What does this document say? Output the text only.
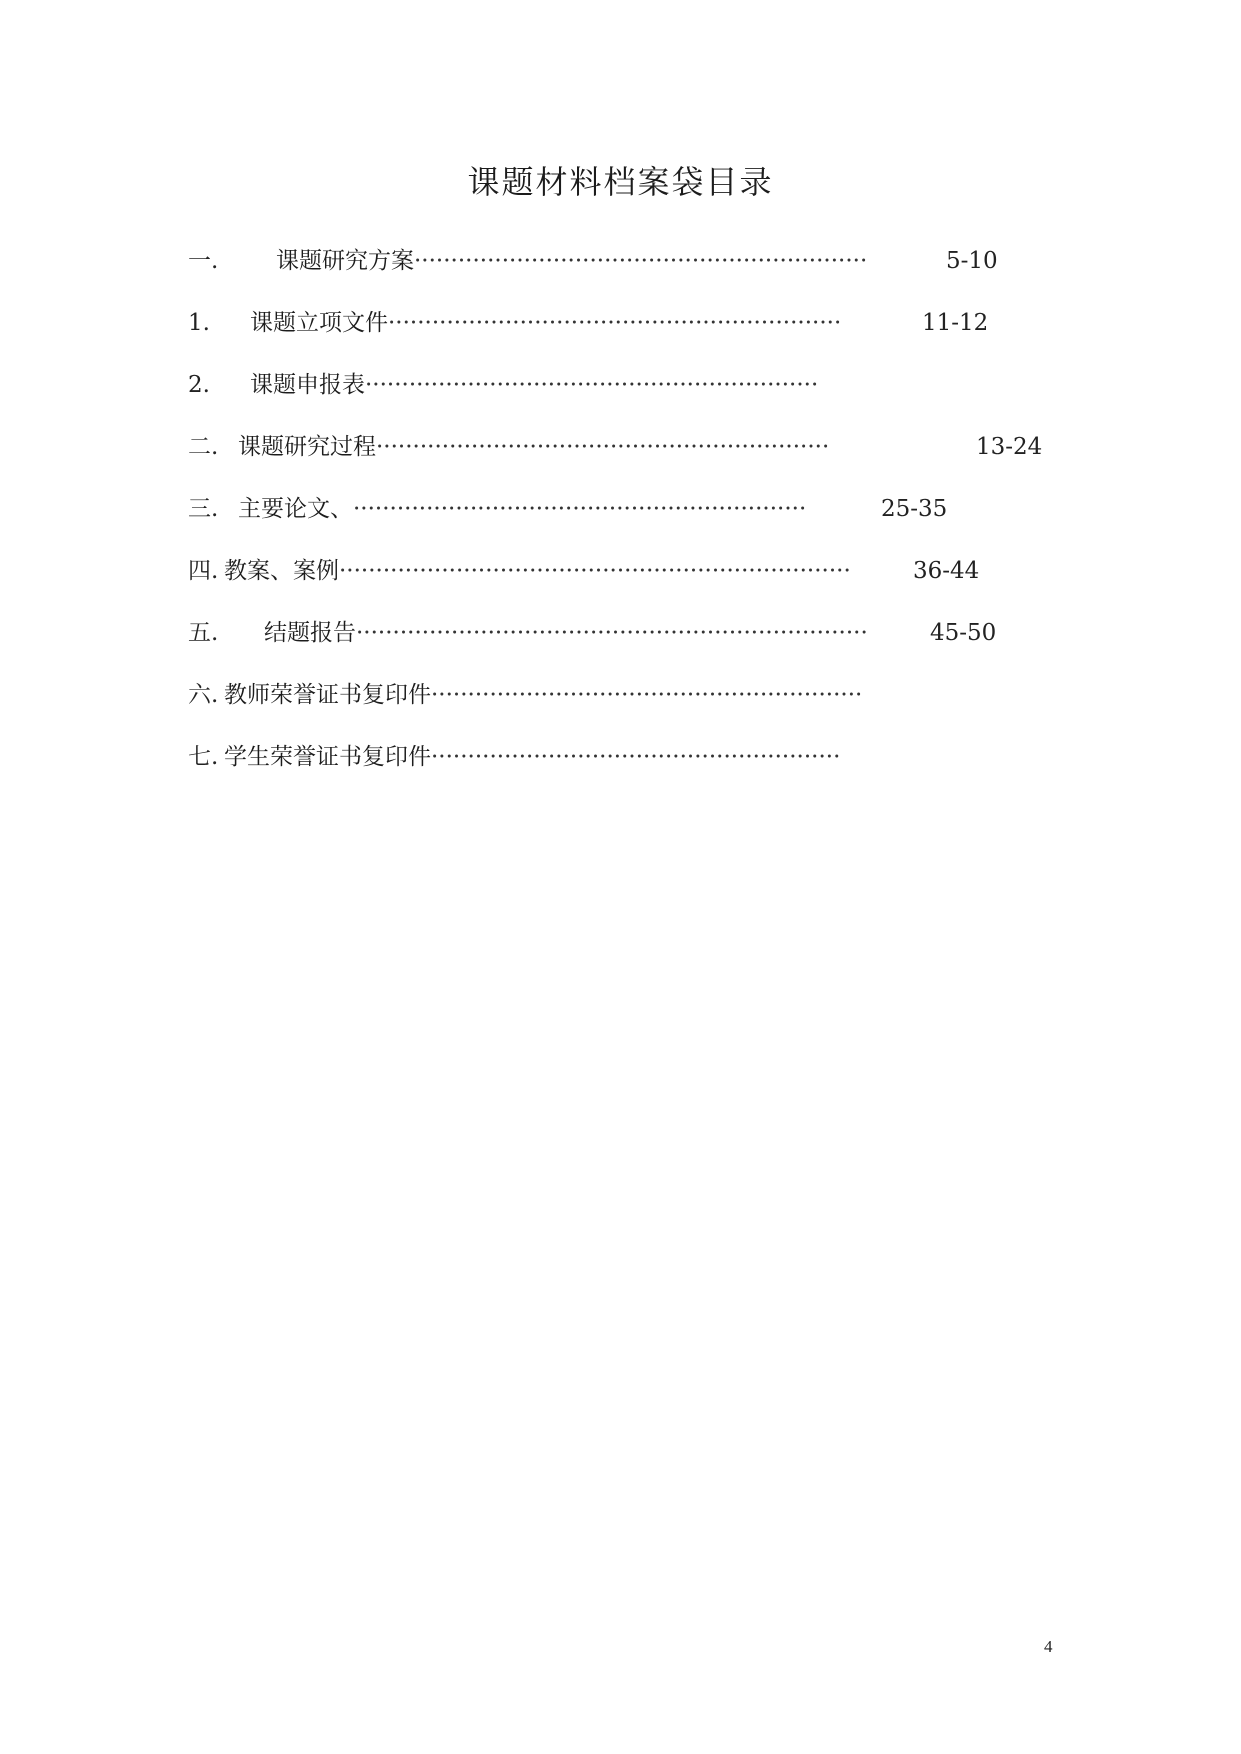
课题材料档案袋目录
一.	课题研究方案······························································	5-10
1. 课题立项文件······························································	11-12
2. 课题申报表······························································
二. 课题研究过程······························································	13-24
三. 主要论文、······························································	25-35
四. 教案、案例······································································	36-44
五. 结题报告······································································	45-50
六. 教师荣誉证书复印件···························································
七. 学生荣誉证书复印件························································
4
